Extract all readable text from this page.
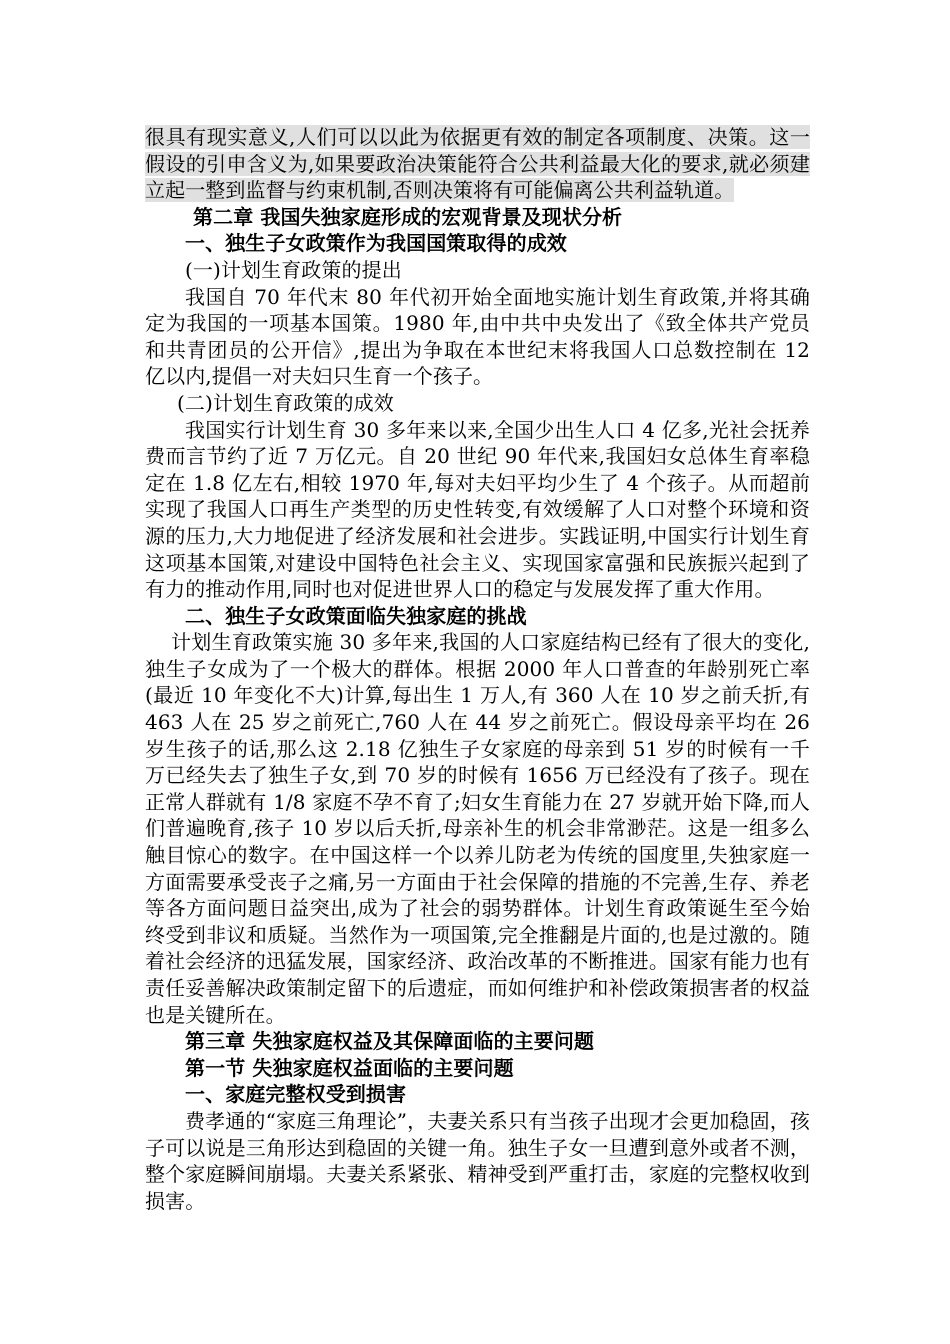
很具有现实意义,人们可以以此为依据更有效的制定各项制度、决策。这一假设的引申含义为,如果要政治决策能符合公共利益最大化的要求,就必须建立起一整到监督与约束机制,否则决策将有可能偏离公共利益轨道。

第二章 我国失独家庭形成的宏观背景及现状分析

一、独生子女政策作为我国国策取得的成效

(一)计划生育政策的提出

我国自 70 年代末 80 年代初开始全面地实施计划生育政策,并将其确定为我国的一项基本国策。1980 年,由中共中央发出了《致全体共产党员和共青团员的公开信》,提出为争取在本世纪末将我国人口总数控制在 12 亿以内,提倡一对夫妇只生育一个孩子。

(二)计划生育政策的成效

我国实行计划生育 30 多年来以来,全国少出生人口 4 亿多,光社会抚养费而言节约了近 7 万亿元。自 20 世纪 90 年代来,我国妇女总体生育率稳定在 1.8 亿左右,相较 1970 年,每对夫妇平均少生了 4 个孩子。从而超前实现了我国人口再生产类型的历史性转变,有效缓解了人口对整个环境和资源的压力,大力地促进了经济发展和社会进步。实践证明,中国实行计划生育这项基本国策,对建设中国特色社会主义、实现国家富强和民族振兴起到了有力的推动作用,同时也对促进世界人口的稳定与发展发挥了重大作用。

二、独生子女政策面临失独家庭的挑战

计划生育政策实施 30 多年来,我国的人口家庭结构已经有了很大的变化,独生子女成为了一个极大的群体。根据 2000 年人口普查的年龄别死亡率(最近 10 年变化不大)计算,每出生 1 万人,有 360 人在 10 岁之前夭折,有 463 人在 25 岁之前死亡,760 人在 44 岁之前死亡。假设母亲平均在 26 岁生孩子的话,那么这 2.18 亿独生子女家庭的母亲到 51 岁的时候有一千万已经失去了独生子女,到 70 岁的时候有 1656 万已经没有了孩子。现在正常人群就有 1/8 家庭不孕不育了;妇女生育能力在 27 岁就开始下降,而人们普遍晚育,孩子 10 岁以后夭折,母亲补生的机会非常渺茫。这是一组多么触目惊心的数字。在中国这样一个以养儿防老为传统的国度里,失独家庭一方面需要承受丧子之痛,另一方面由于社会保障的措施的不完善,生存、养老等各方面问题日益突出,成为了社会的弱势群体。计划生育政策诞生至今始终受到非议和质疑。当然作为一项国策,完全推翻是片面的,也是过激的。随着社会经济的迅猛发展，国家经济、政治改革的不断推进。国家有能力也有责任妥善解决政策制定留下的后遗症，而如何维护和补偿政策损害者的权益也是关键所在。

第三章 失独家庭权益及其保障面临的主要问题

第一节 失独家庭权益面临的主要问题

一、家庭完整权受到损害

费孝通的“家庭三角理论”，夫妻关系只有当孩子出现才会更加稳固，孩子可以说是三角形达到稳固的关键一角。独生子女一旦遭到意外或者不测，整个家庭瞬间崩塌。夫妻关系紧张、精神受到严重打击，家庭的完整权收到损害。
